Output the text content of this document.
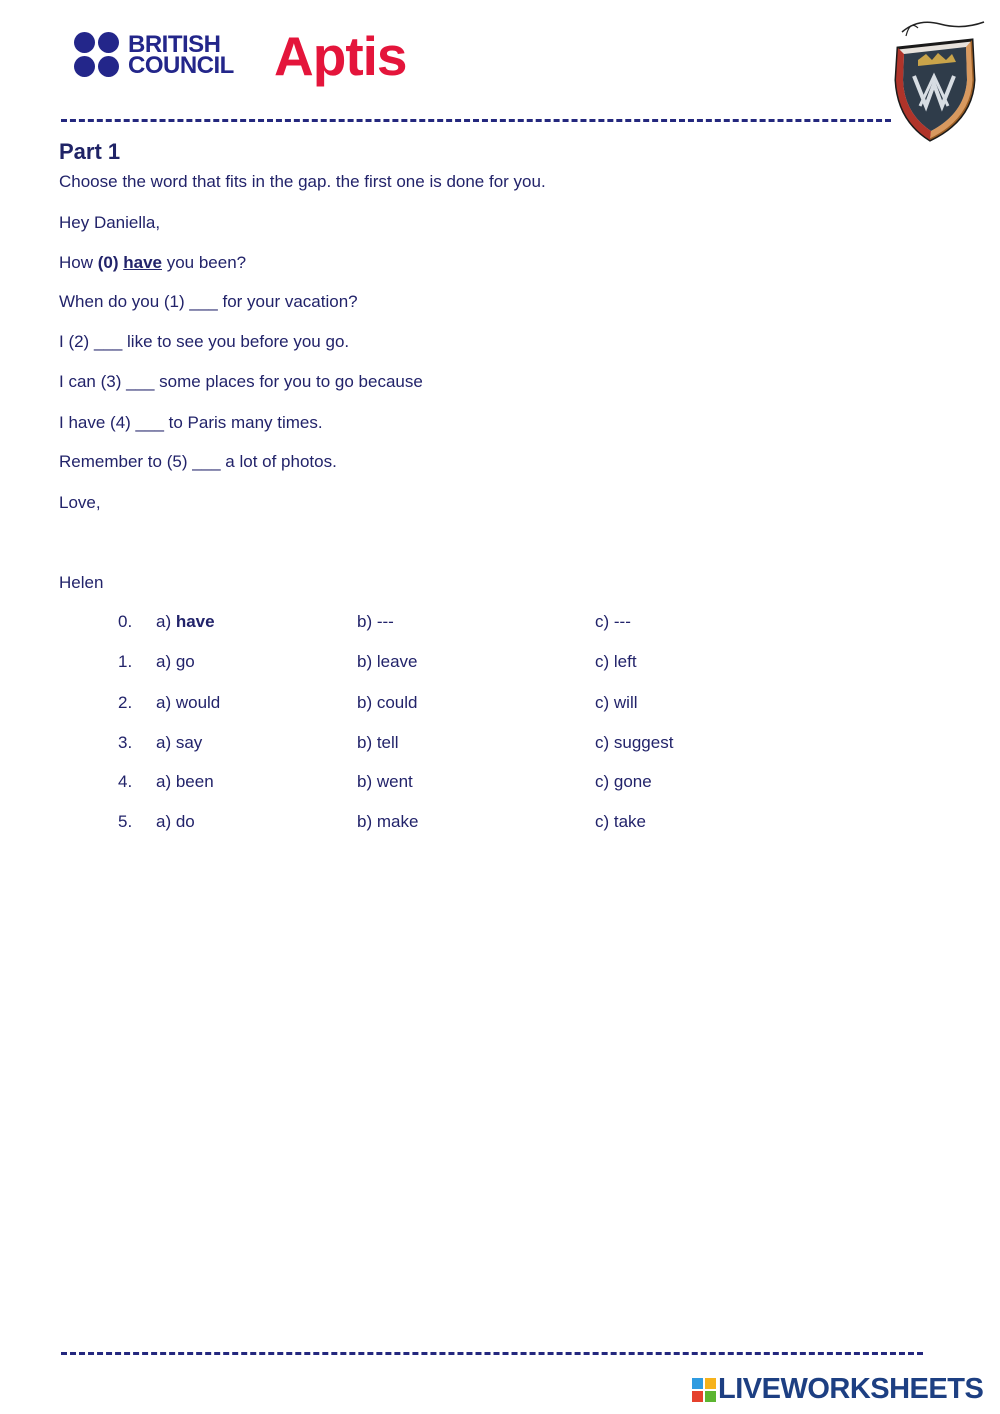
BRITISH
COUNCIL Aptis
Part 1
Choose the word that fits in the gap. the first one is done for you.
Hey Daniella,
How (0) have you been?
When do you (1) ___ for your vacation?
I (2) ___ like to see you before you go.
I can (3) ___ some places for you to go because
I have (4) ___ to Paris many times.
Remember to (5) ___ a lot of photos.
Love,
Helen
0. a) have	b) ---	c) ---
1. a) go	b) leave	c) left
2. a) would	b) could	c) will
3. a) say	b) tell	c) suggest
4. a) been	b) went	c) gone
5. a) do	b) make	c) take
LIVEWORKSHEETS
